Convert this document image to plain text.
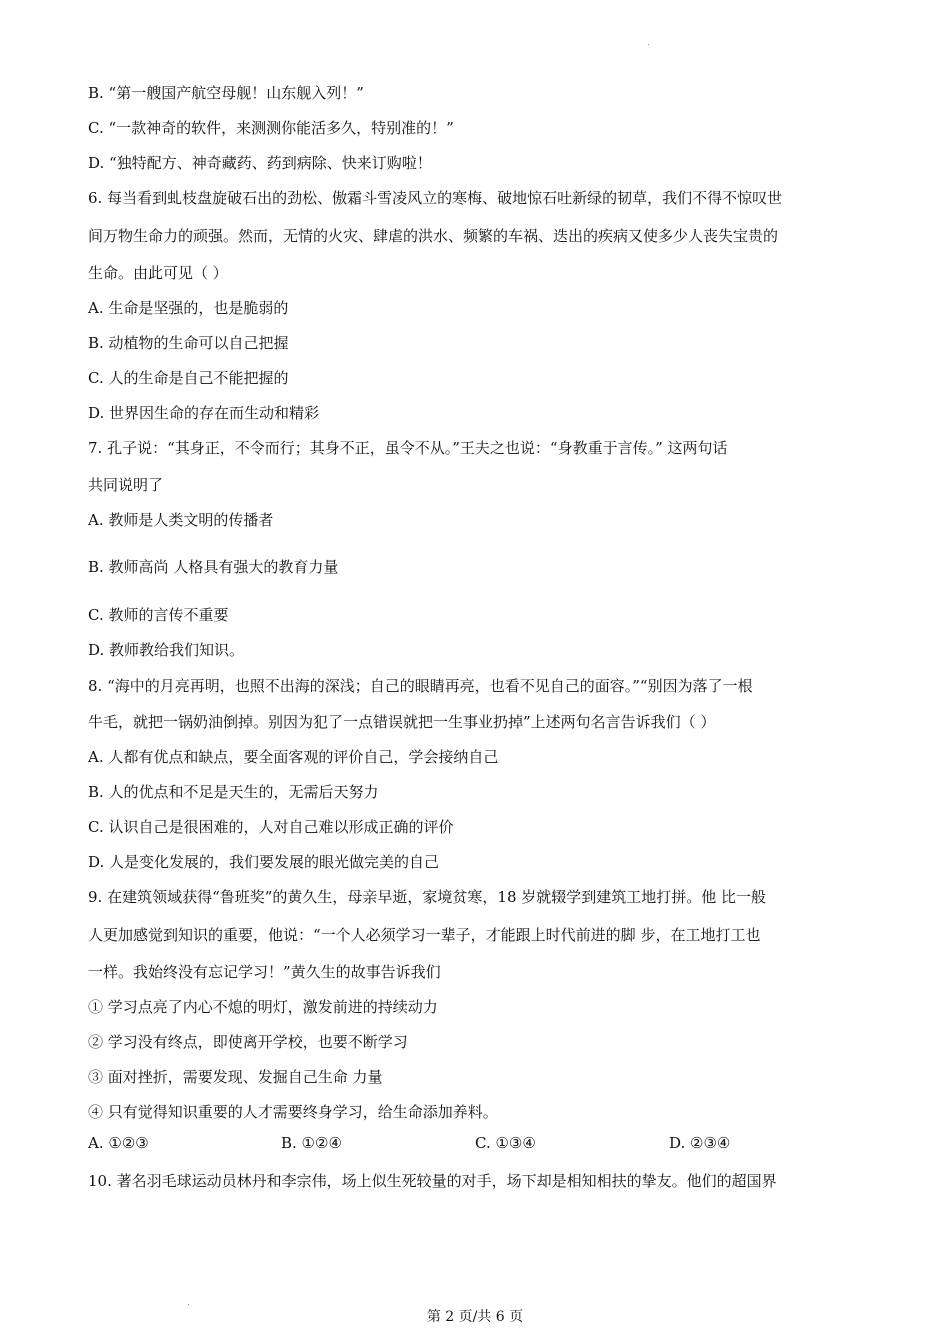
B. “第一艘国产航空母舰！山东舰入列！”
C. “一款神奇的软件，来测测你能活多久，特别准的！”
D. “独特配方、神奇藏药、药到病除、快来订购啦！
6. 每当看到虬枝盘旋破石出的劲松、傲霜斗雪凌风立的寒梅、破地惊石吐新绿的韧草，我们不得不惊叹世
间万物生命力的顽强。然而，无情的火灾、肆虐的洪水、频繁的车祸、迭出的疾病又使多少人丧失宝贵的
生命。由此可见（ ）
A. 生命是坚强的，也是脆弱的
B. 动植物的生命可以自己把握
C. 人的生命是自己不能把握的
D. 世界因生命的存在而生动和精彩
7. 孔子说：“其身正，不令而行；其身不正，虽令不从。”王夫之也说：“身教重于言传。” 这两句话
共同说明了
A. 教师是人类文明的传播者
B. 教师高尚 人格具有强大的教育力量
C. 教师的言传不重要
D. 教师教给我们知识。
8. “海中的月亮再明，也照不出海的深浅；自己的眼睛再亮，也看不见自己的面容。”“别因为落了一根
牛毛，就把一锅奶油倒掉。别因为犯了一点错误就把一生事业扔掉”上述两句名言告诉我们（ ）
A. 人都有优点和缺点，要全面客观的评价自己，学会接纳自己
B. 人的优点和不足是天生的，无需后天努力
C. 认识自己是很困难的，人对自己难以形成正确的评价
D. 人是变化发展的，我们要发展的眼光做完美的自己
9. 在建筑领域获得“鲁班奖”的黄久生，母亲早逝，家境贫寒，18 岁就辍学到建筑工地打拼。他 比一般
人更加感觉到知识的重要，他说：“一个人必须学习一辈子，才能跟上时代前进的脚 步，在工地打工也
一样。我始终没有忘记学习！”黄久生的故事告诉我们
① 学习点亮了内心不熄的明灯，激发前进的持续动力
② 学习没有终点，即使离开学校，也要不断学习
③ 面对挫折，需要发现、发掘自己生命 力量
④ 只有觉得知识重要的人才需要终身学习，给生命添加养料。
A. ①②③	B. ①②④	C. ①③④	D. ②③④
10. 著名羽毛球运动员林丹和李宗伟，场上似生死较量的对手，场下却是相知相扶的挚友。他们的超国界
第 2 页/共 6 页
